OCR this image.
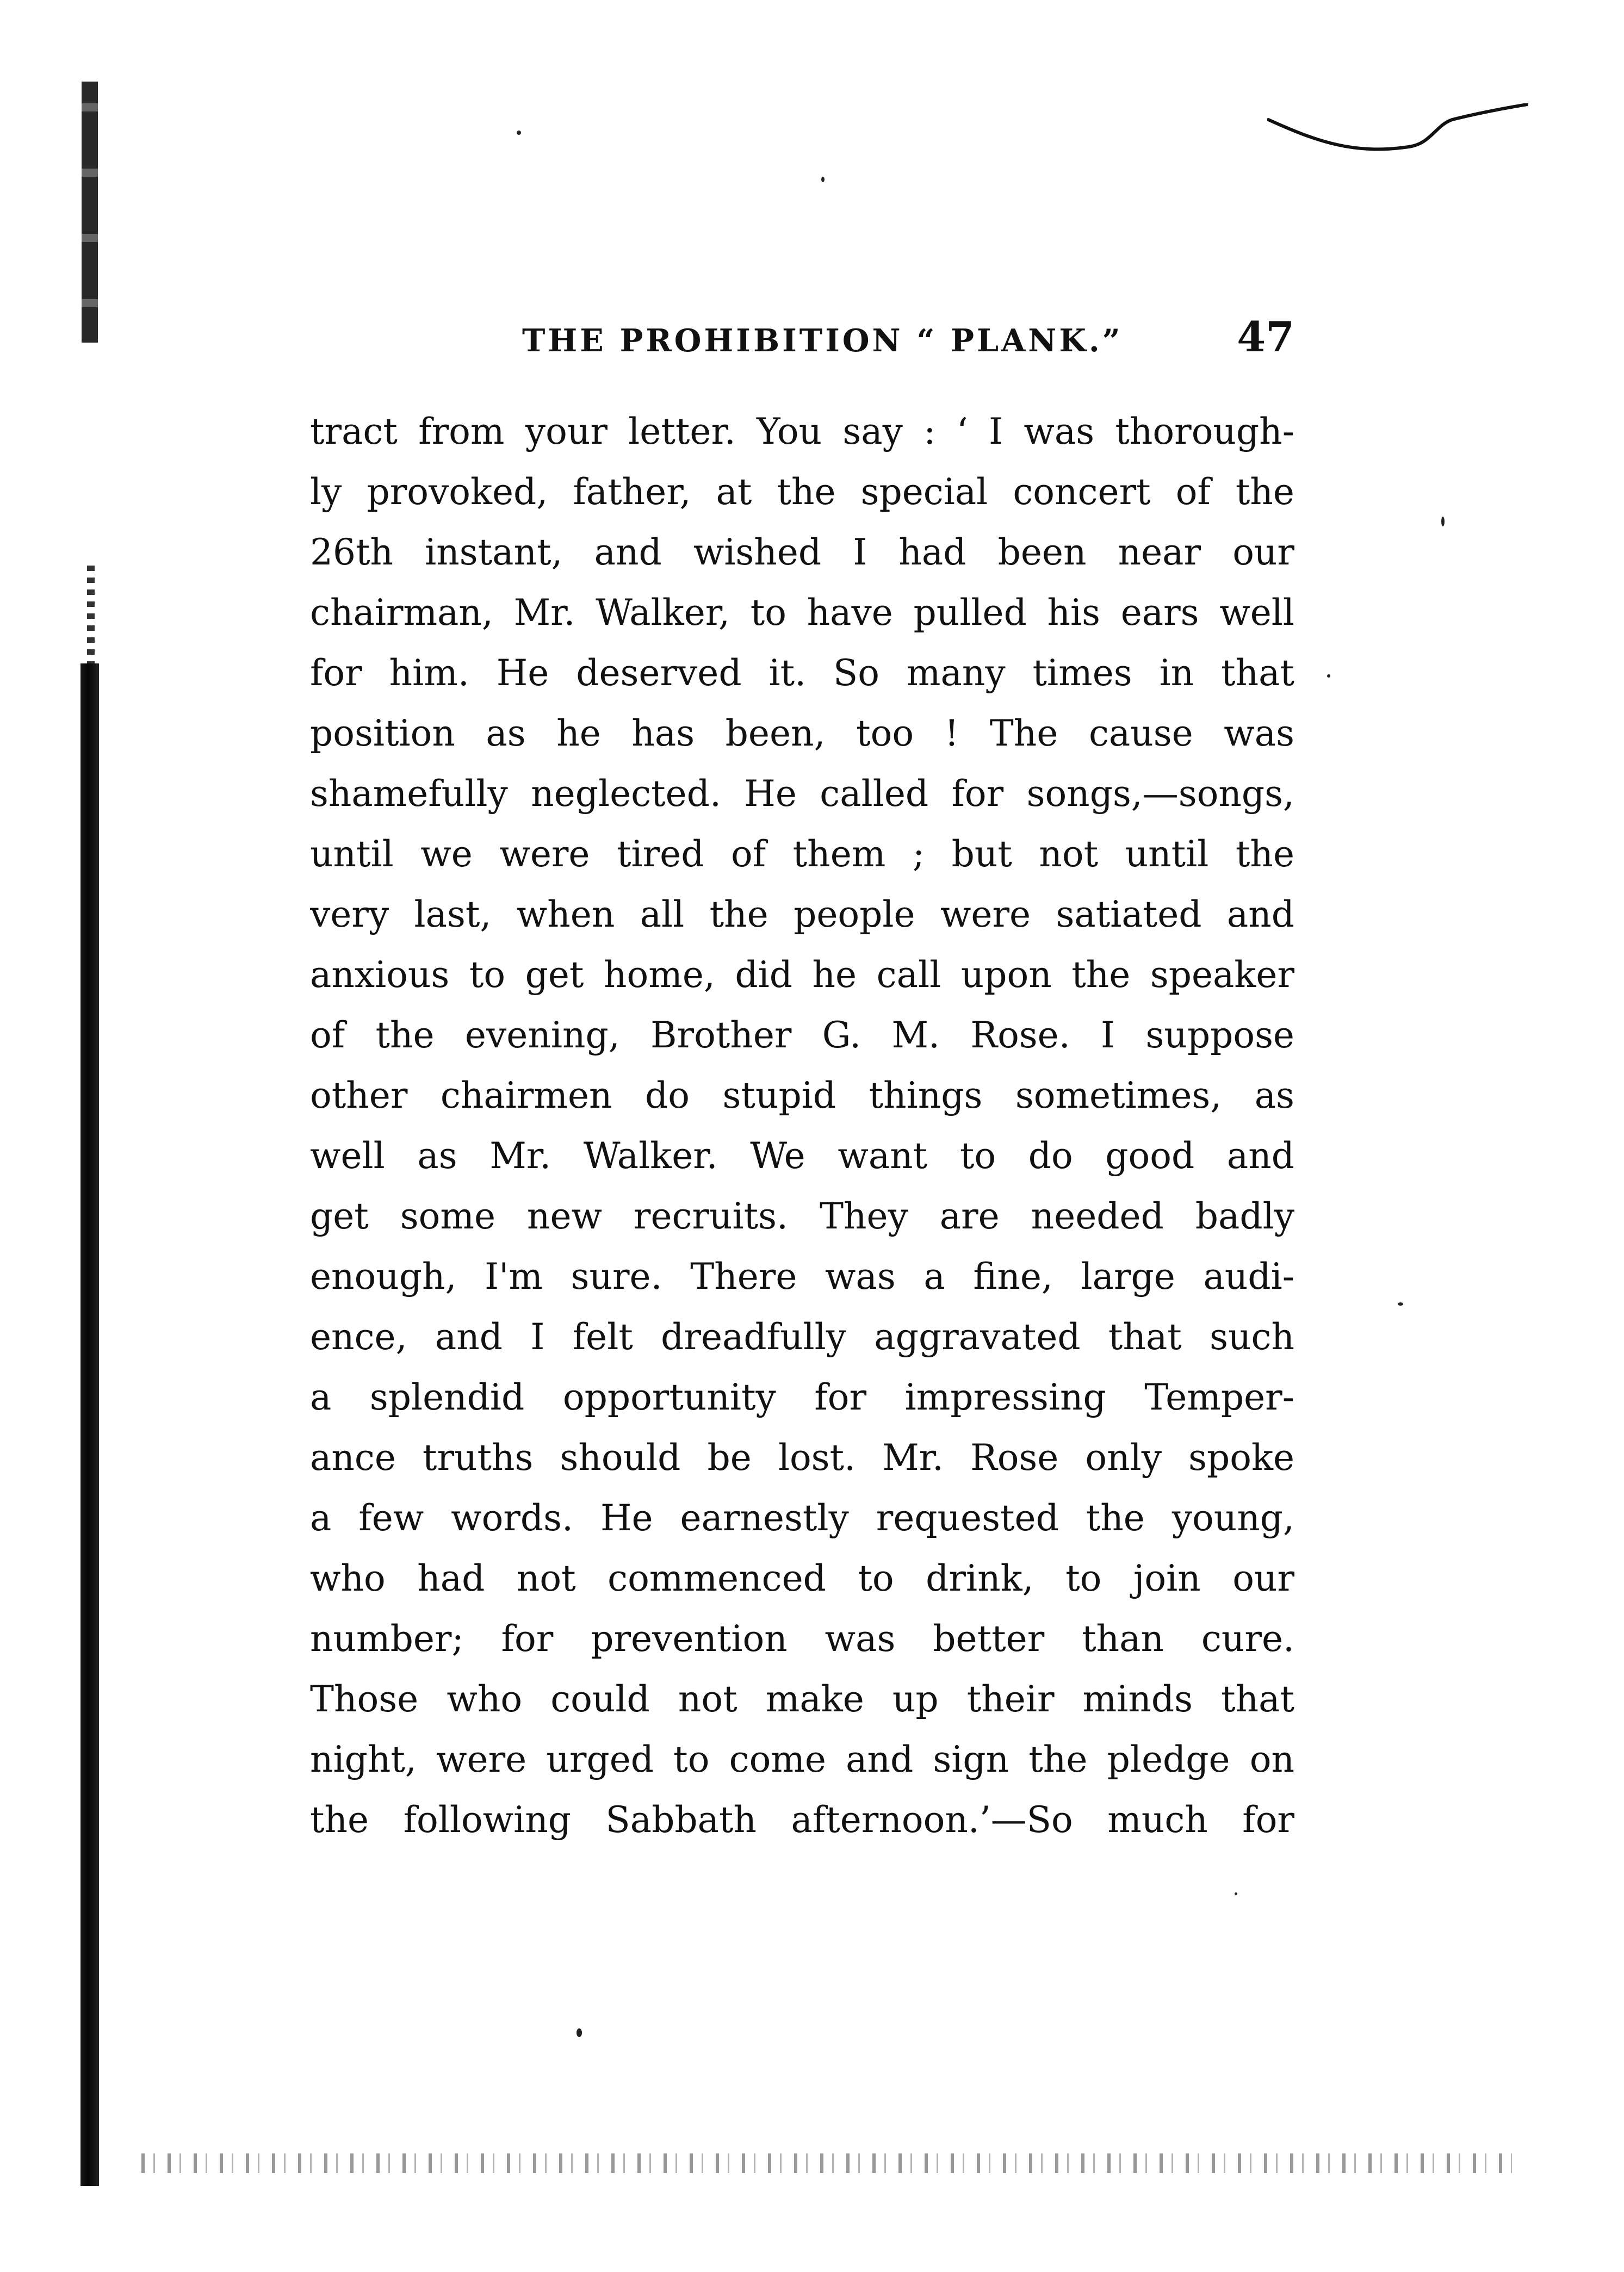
THE PROHIBITION “ PLANK.”	47
tract from your letter. You say : ‘ I was thorough-
ly provoked, father, at the special concert of the
26th instant, and wished I had been near our
chairman, Mr. Walker, to have pulled his ears well
for him. He deserved it. So many times in that
position as he has been, too ! The cause was
shamefully neglected. He called for songs,—songs,
until we were tired of them ; but not until the
very last, when all the people were satiated and
anxious to get home, did he call upon the speaker
of the evening, Brother G. M. Rose. I suppose
other chairmen do stupid things sometimes, as
well as Mr. Walker. We want to do good and
get some new recruits. They are needed badly
enough, I'm sure. There was a fine, large audi-
ence, and I felt dreadfully aggravated that such
a splendid opportunity for impressing Temper-
ance truths should be lost. Mr. Rose only spoke
a few words. He earnestly requested the young,
who had not commenced to drink, to join our
number; for prevention was better than cure.
Those who could not make up their minds that
night, were urged to come and sign the pledge on
the following Sabbath afternoon.’—So much for
